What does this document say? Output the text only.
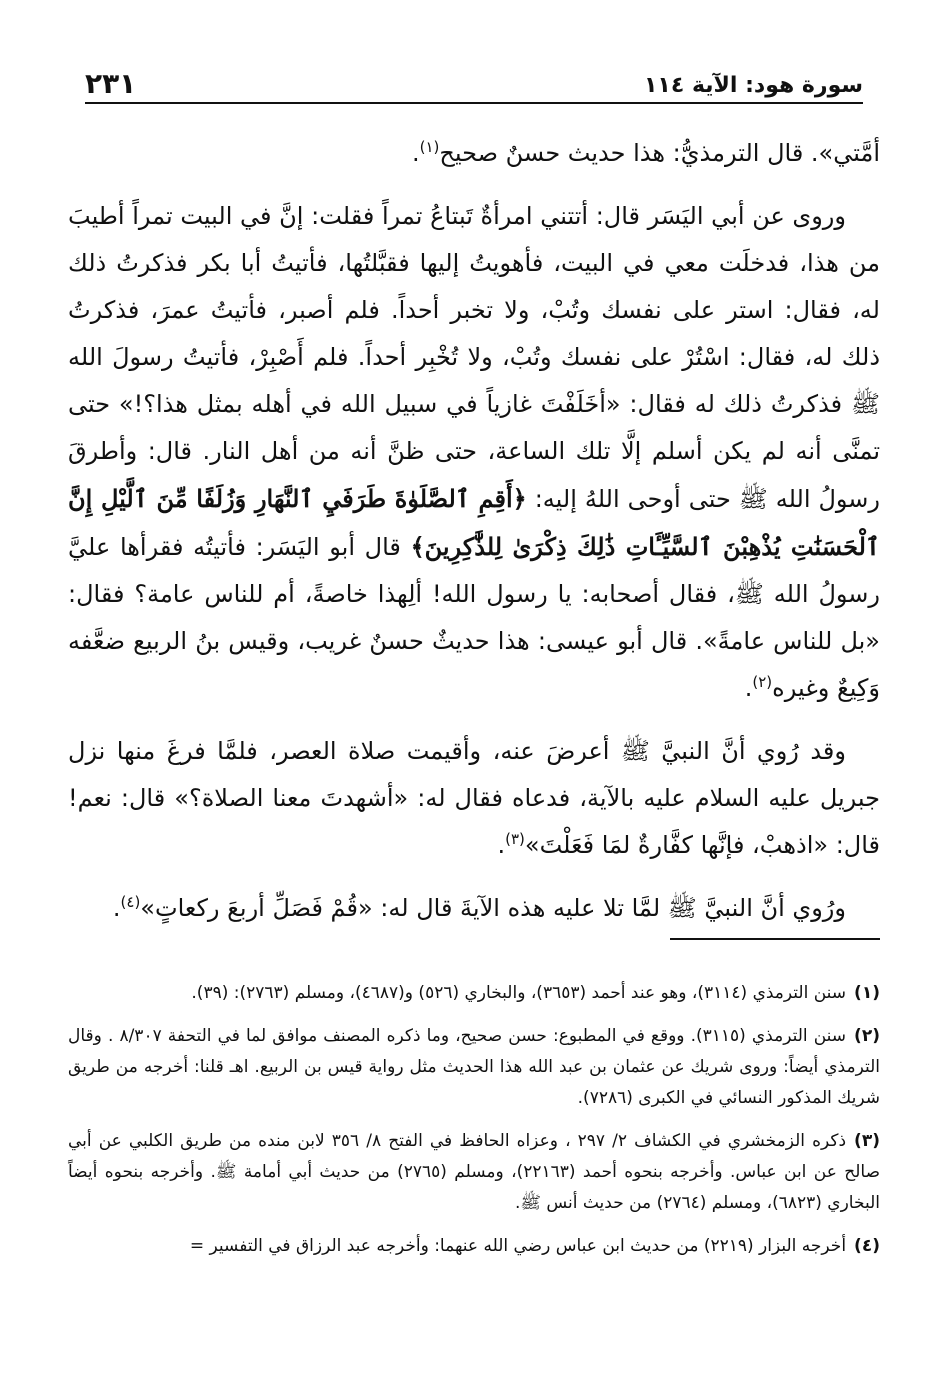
سورة هود: الآية ١١٤
٢٣١

أمَّتي». قال الترمذيُّ: هذا حديث حسنٌ صحيح$^{(١)}$.

وروى عن أبي اليَسَر قال: أتتني امرأةٌ تَبتاعُ تمراً فقلت: إنَّ في البيت تمراً أطيبَ من هذا، فدخلَت معي في البيت، فأهويتُ إليها فقبَّلتُها، فأتيتُ أبا بكر فذكرتُ ذلك له، فقال: استر على نفسك وتُبْ، ولا تخبر أحداً. فلم أصبر، فأتيتُ عمرَ، فذكرتُ ذلك له، فقال: اسْتُرْ على نفسك وتُبْ، ولا تُخْبِر أحداً. فلم أَصْبِرْ، فأتيتُ رسولَ الله ﷺ فذكرتُ ذلك له فقال: «أخَلَفْتَ غازياً في سبيل الله في أهله بمثل هذا؟!» حتى تمنَّى أنه لم يكن أسلم إلَّا تلك الساعة، حتى ظنَّ أنه من أهل النار. قال: وأطرقَ رسولُ الله ﷺ حتى أوحى اللهُ إليه: ﴿أَقِمِ ٱلصَّلَوٰةَ طَرَفَيِ ٱلنَّهَارِ وَزُلَفًا مِّنَ ٱلَّيْلِ إِنَّ ٱلْحَسَنَٰتِ يُذْهِبْنَ ٱلسَّيِّـَٔاتِ ذَٰلِكَ ذِكْرَىٰ لِلذَّٰكِرِينَ﴾ قال أبو اليَسَر: فأتيتُه فقرأها عليَّ رسولُ الله ﷺ، فقال أصحابه: يا رسول الله! ألِهذا خاصةً، أم للناس عامة؟ فقال: «بل للناس عامةً». قال أبو عيسى: هذا حديثٌ حسنٌ غريب، وقيس بنُ الربيع ضعَّفه وَكِيعٌ وغيره$^{(٢)}$.

وقد رُوي أنَّ النبيَّ ﷺ أعرضَ عنه، وأقيمت صلاة العصر، فلمَّا فرغَ منها نزل جبريل عليه السلام عليه بالآية، فدعاه فقال له: «أشهدتَ معنا الصلاة؟» قال: نعم! قال: «اذهبْ، فإنَّها كفَّارةٌ لمَا فَعَلْتَ»$^{(٣)}$.

ورُوي أنَّ النبيَّ ﷺ لمَّا تلا عليه هذه الآيةَ قال له: «قُمْ فَصَلِّ أربعَ ركعاتٍ»$^{(٤)}$.

(١)سنن الترمذي (٣١١٤)، وهو عند أحمد (٣٦٥٣)، والبخاري (٥٢٦) و(٤٦٨٧)، ومسلم (٢٧٦٣): (٣٩).

(٢)سنن الترمذي (٣١١٥). ووقع في المطبوع: حسن صحيح، وما ذكره المصنف موافق لما في التحفة ٨/٣٠٧ . وقال الترمذي أيضاً: وروى شريك عن عثمان بن عبد الله هذا الحديث مثل رواية قيس بن الربيع. اهـ قلنا: أخرجه من طريق شريك المذكور النسائي في الكبرى (٧٢٨٦).

(٣)ذكره الزمخشري في الكشاف ٢/ ٢٩٧ ، وعزاه الحافظ في الفتح ٨/ ٣٥٦ لابن منده من طريق الكلبي عن أبي صالح عن ابن عباس. وأخرجه بنحوه أحمد (٢٢١٦٣)، ومسلم (٢٧٦٥) من حديث أبي أمامة ﷺ. وأخرجه بنحوه أيضاً البخاري (٦٨٢٣)، ومسلم (٢٧٦٤) من حديث أنس ﷺ.

(٤)أخرجه البزار (٢٢١٩) من حديث ابن عباس رضي الله عنهما: وأخرجه عبد الرزاق في التفسير =
